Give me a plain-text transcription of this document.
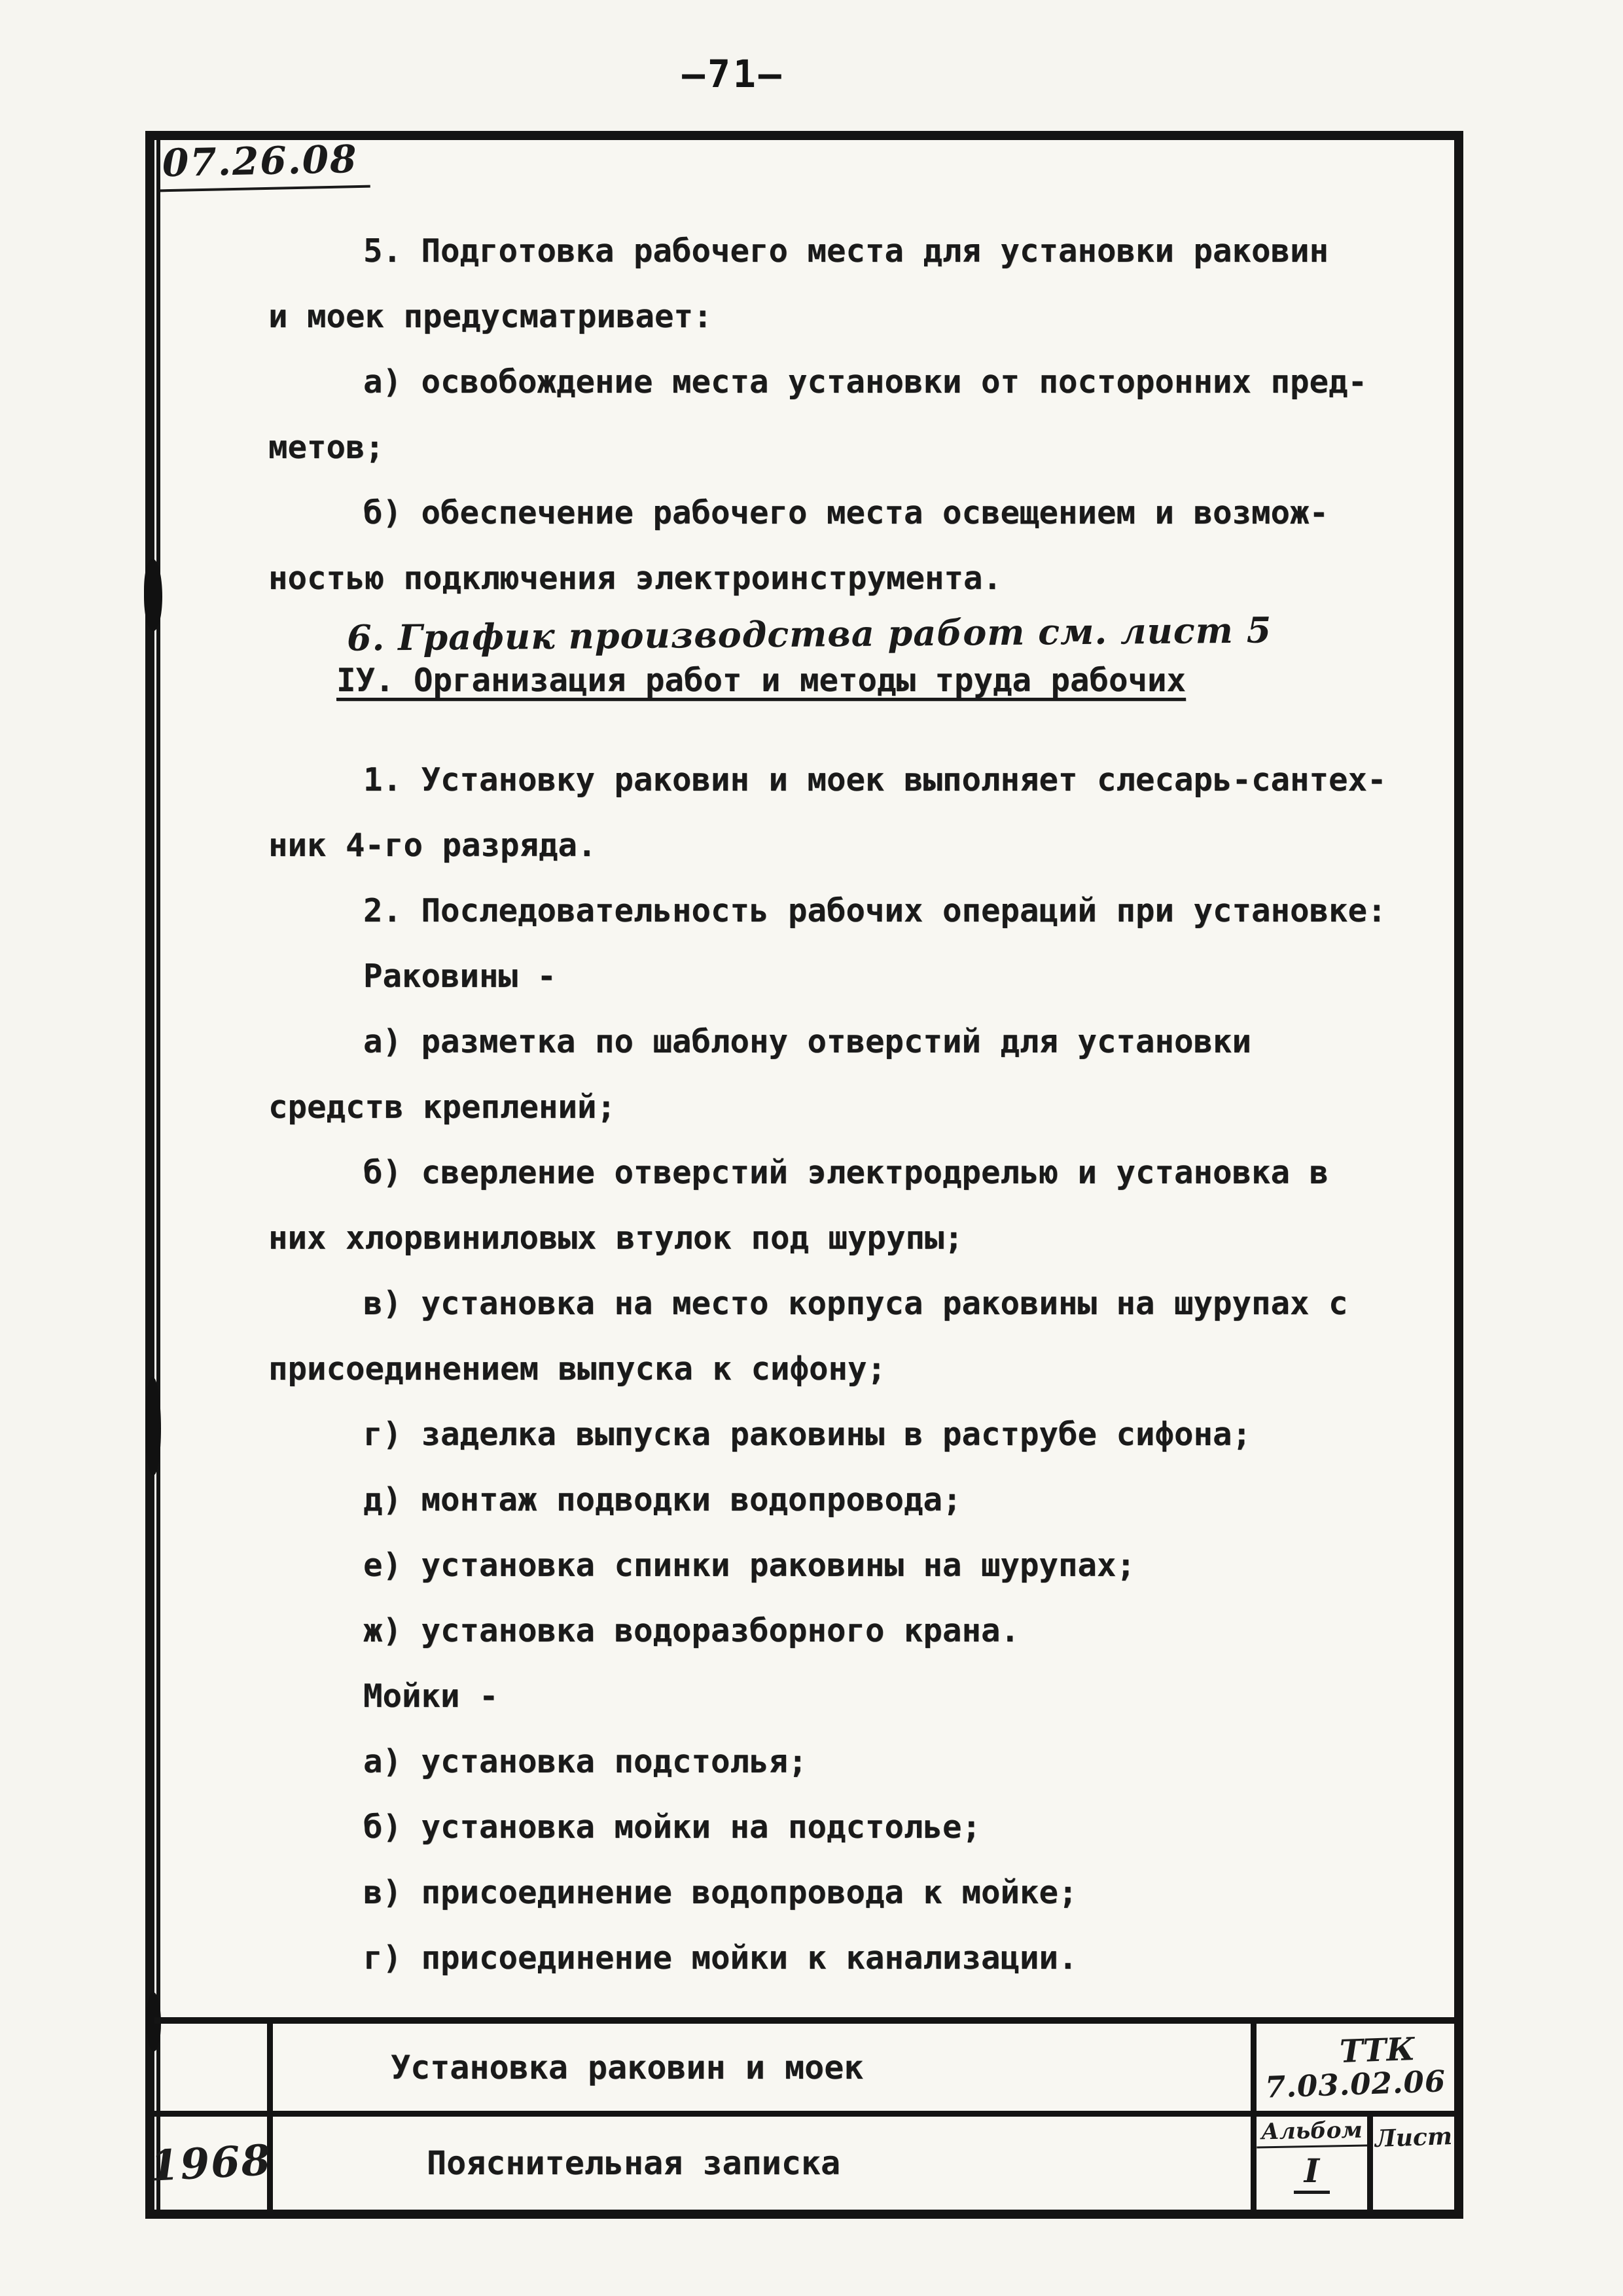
—71—
07.26.08
5. Подготовка рабочего места для установки раковин
и моек предусматривает:
а) освобождение места установки от посторонних пред-
метов;
б) обеспечение рабочего места освещением и возмож-
ностью подключения электроинструмента.
6. График производства работ см. лист 5
IУ. Организация работ и методы труда рабочих
1. Установку раковин и моек выполняет слесарь-сантех-
ник 4-го разряда.
2. Последовательность рабочих операций при установке:
Раковины -
а) разметка по шаблону отверстий для установки
средств креплений;
б) сверление отверстий электродрелью и установка в
них хлорвиниловых втулок под шурупы;
в) установка на место корпуса раковины на шурупах с
присоединением выпуска к сифону;
г) заделка выпуска раковины в раструбе сифона;
д) монтаж подводки водопровода;
е) установка спинки раковины на шурупах;
ж) установка водоразборного крана.
Мойки -
а) установка подстолья;
б) установка мойки на подстолье;
в) присоединение водопровода к мойке;
г) присоединение мойки к канализации.
Установка раковин и моек	ТТК
7.03.02.06
1968	Пояснительная записка
Альбом
I
Лист
